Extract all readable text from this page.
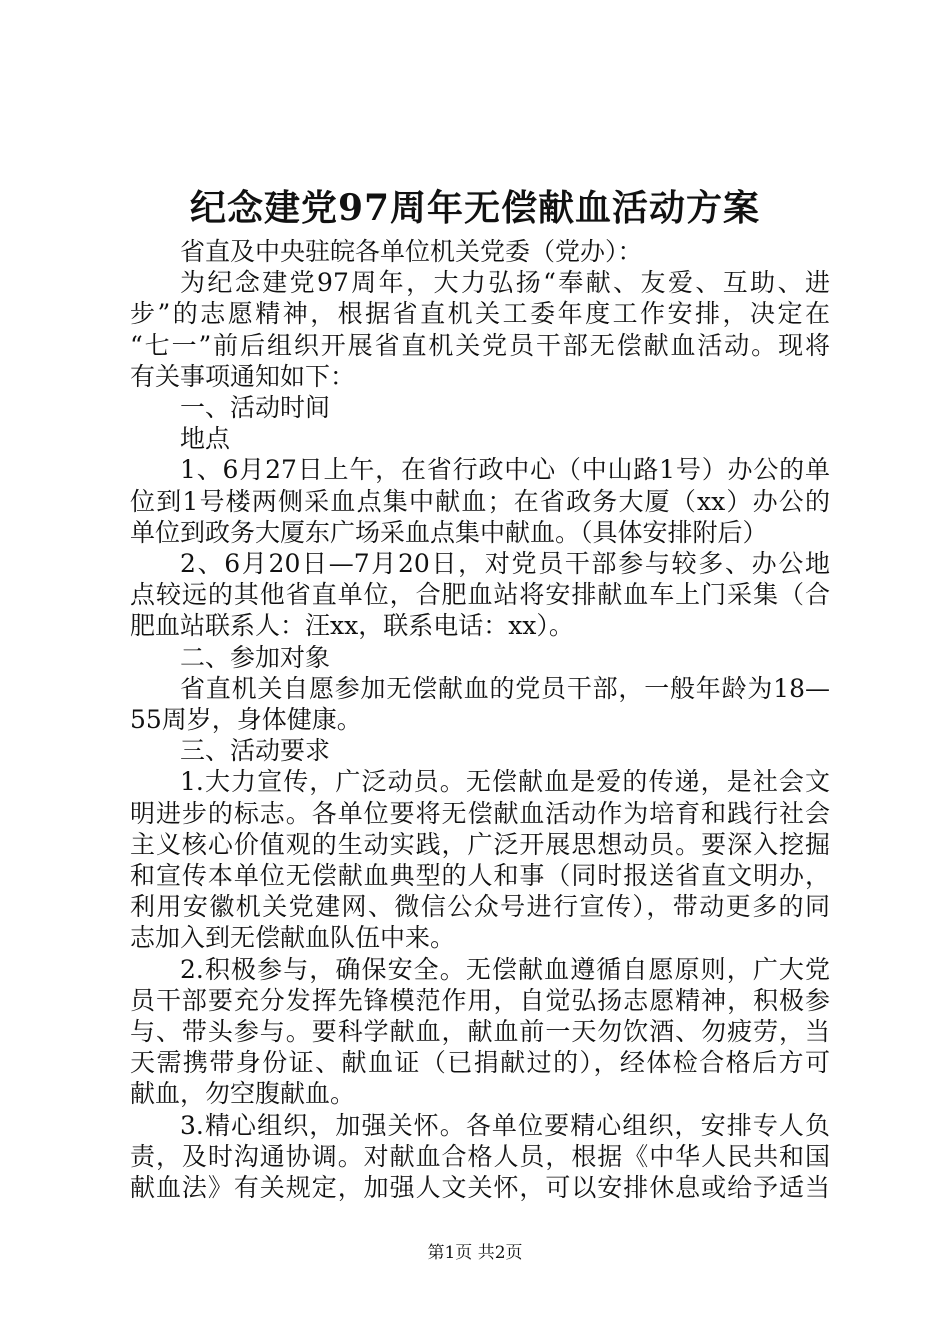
纪念建党97周年无偿献血活动方案
省直及中央驻皖各单位机关党委（党办）：
为纪念建党97周年，大力弘扬“奉献、友爱、互助、进
步”的志愿精神，根据省直机关工委年度工作安排，决定在
“七一”前后组织开展省直机关党员干部无偿献血活动。现将
有关事项通知如下：
一、活动时间
地点
1、6月27日上午，在省行政中心（中山路1号）办公的单
位到1号楼两侧采血点集中献血；在省政务大厦（xx）办公的
单位到政务大厦东广场采血点集中献血。（具体安排附后）
2、6月20日—7月20日，对党员干部参与较多、办公地
点较远的其他省直单位，合肥血站将安排献血车上门采集（合
肥血站联系人：汪xx，联系电话：xx）。
二、参加对象
省直机关自愿参加无偿献血的党员干部，一般年龄为18—
55周岁，身体健康。
三、活动要求
1.大力宣传，广泛动员。无偿献血是爱的传递，是社会文
明进步的标志。各单位要将无偿献血活动作为培育和践行社会
主义核心价值观的生动实践，广泛开展思想动员。要深入挖掘
和宣传本单位无偿献血典型的人和事（同时报送省直文明办，
利用安徽机关党建网、微信公众号进行宣传），带动更多的同
志加入到无偿献血队伍中来。
2.积极参与，确保安全。无偿献血遵循自愿原则，广大党
员干部要充分发挥先锋模范作用，自觉弘扬志愿精神，积极参
与、带头参与。要科学献血，献血前一天勿饮酒、勿疲劳，当
天需携带身份证、献血证（已捐献过的），经体检合格后方可
献血，勿空腹献血。
3.精心组织，加强关怀。各单位要精心组织，安排专人负
责，及时沟通协调。对献血合格人员，根据《中华人民共和国
献血法》有关规定，加强人文关怀，可以安排休息或给予适当
第1页 共2页
